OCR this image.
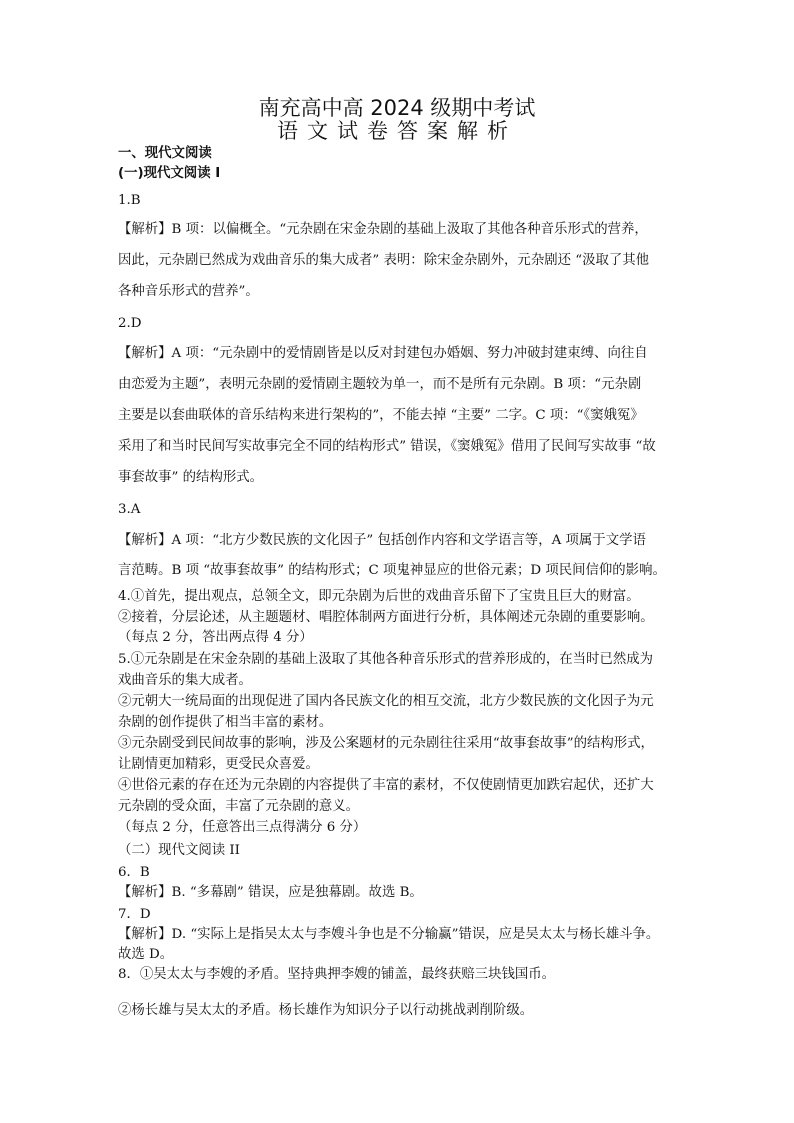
南充高中高 2024 级期中考试
语文试卷答案解析
一、现代文阅读
(一)现代文阅读 I
1.B
【解析】B 项：以偏概全。“元杂剧在宋金杂剧的基础上汲取了其他各种音乐形式的营养，
因此，元杂剧已然成为戏曲音乐的集大成者” 表明：除宋金杂剧外，元杂剧还 “汲取了其他
各种音乐形式的营养”。
2.D
【解析】A 项：“元杂剧中的爱情剧皆是以反对封建包办婚姻、努力冲破封建束缚、向往自
由恋爱为主题”，表明元杂剧的爱情剧主题较为单一，而不是所有元杂剧。B 项：“元杂剧
主要是以套曲联体的音乐结构来进行架构的”，不能去掉 “主要” 二字。C 项：“《窦娥冤》
采用了和当时民间写实故事完全不同的结构形式” 错误，《窦娥冤》借用了民间写实故事 “故
事套故事” 的结构形式。
3.A
【解析】A 项：“北方少数民族的文化因子” 包括创作内容和文学语言等，A 项属于文学语
言范畴。B 项 “故事套故事” 的结构形式；C 项鬼神显应的世俗元素；D 项民间信仰的影响。
4.①首先，提出观点，总领全文，即元杂剧为后世的戏曲音乐留下了宝贵且巨大的财富。
②接着，分层论述，从主题题材、唱腔体制两方面进行分析，具体阐述元杂剧的重要影响。
（每点 2 分，答出两点得 4 分）
5.①元杂剧是在宋金杂剧的基础上汲取了其他各种音乐形式的营养形成的，在当时已然成为
戏曲音乐的集大成者。
②元朝大一统局面的出现促进了国内各民族文化的相互交流，北方少数民族的文化因子为元
杂剧的创作提供了相当丰富的素材。
③元杂剧受到民间故事的影响，涉及公案题材的元杂剧往往采用“故事套故事”的结构形式，
让剧情更加精彩，更受民众喜爱。
④世俗元素的存在还为元杂剧的内容提供了丰富的素材，不仅使剧情更加跌宕起伏，还扩大
元杂剧的受众面，丰富了元杂剧的意义。
（每点 2 分，任意答出三点得满分 6 分）
（二）现代文阅读 II
6．B
【解析】B. “多幕剧” 错误，应是独幕剧。故选 B。
7．D
【解析】D. “实际上是指吴太太与李嫂斗争也是不分输赢”错误，应是吴太太与杨长雄斗争。
故选 D。
8．①吴太太与李嫂的矛盾。坚持典押李嫂的铺盖，最终获赔三块钱国币。
②杨长雄与吴太太的矛盾。杨长雄作为知识分子以行动挑战剥削阶级。
